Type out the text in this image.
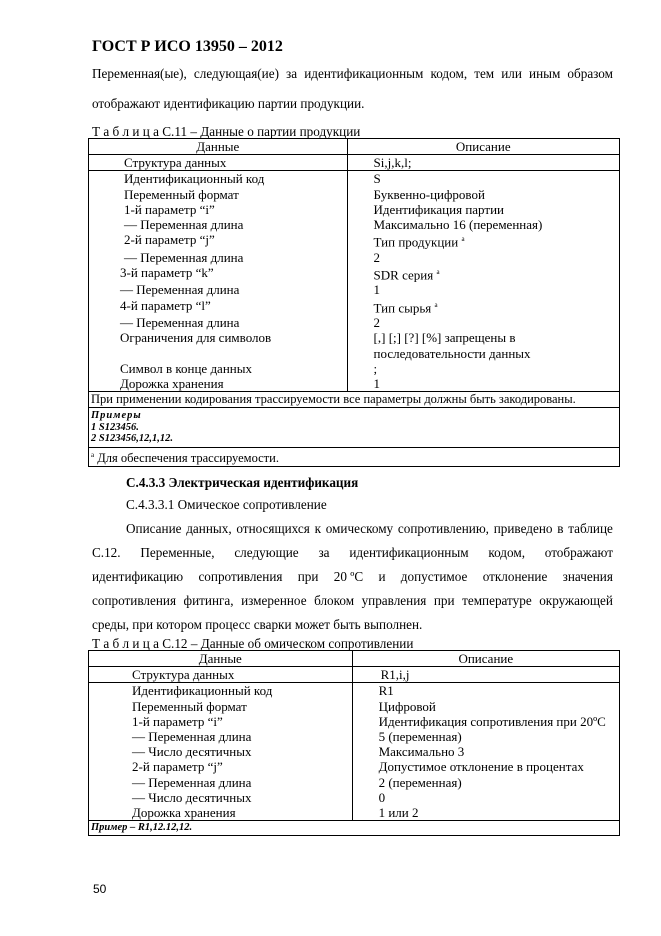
ГОСТ Р ИСО 13950 – 2012
Переменная(ые), следующая(ие) за идентификационным кодом, тем или иным образом
отображают идентификацию партии продукции.
Т а б л и ц а С.11 – Данные о партии продукции
Данные	Описание
Структура данных	Si,j,k,l;
Идентификационный код	S
Переменный формат	Буквенно-цифровой
1-й параметр “i”	Идентификация партии
— Переменная длина	Максимально 16 (переменная)
2-й параметр “j”	Тип продукции $^a$
— Переменная длина	2
3-й параметр “k”	SDR серия $^a$
— Переменная длина	1
4-й параметр “l”	Тип сырья $^a$
— Переменная длина	2
Ограничения для символов	[,] [;] [?] [%] запрещены в
	последовательности данных
Символ в конце данных	;
Дорожка хранения	1
При применении кодирования трассируемости все параметры должны быть закодированы.	

Примеры
1 S123456.
2 S123456,12,1,12.	

$^a$ Для обеспечения трассируемости.	
С.4.3.3 Электрическая идентификация
С.4.3.3.1 Омическое сопротивление
Описание данных, относящихся к омическому сопротивлению, приведено в таблице
С.12. Переменные, следующие за идентификационным кодом, отображают
идентификацию сопротивления при 20 ºС и допустимое отклонение значения
сопротивления фитинга, измеренное блоком управления при температуре окружающей
среды, при котором процесс сварки может быть выполнен.
Т а б л и ц а С.12 – Данные об омическом сопротивлении
Данные	Описание
Структура данных	R1,i,j
Идентификационный код	R1
Переменный формат	Цифровой
1-й параметр “i”	Идентификация сопротивления при 20ºС
— Переменная длина	5 (переменная)
— Число десятичных	Максимально 3
2-й параметр “j”	Допустимое отклонение в процентах
— Переменная длина	2 (переменная)
— Число десятичных	0
Дорожка хранения	1 или 2
Пример – R1,12.12,12.	
50
